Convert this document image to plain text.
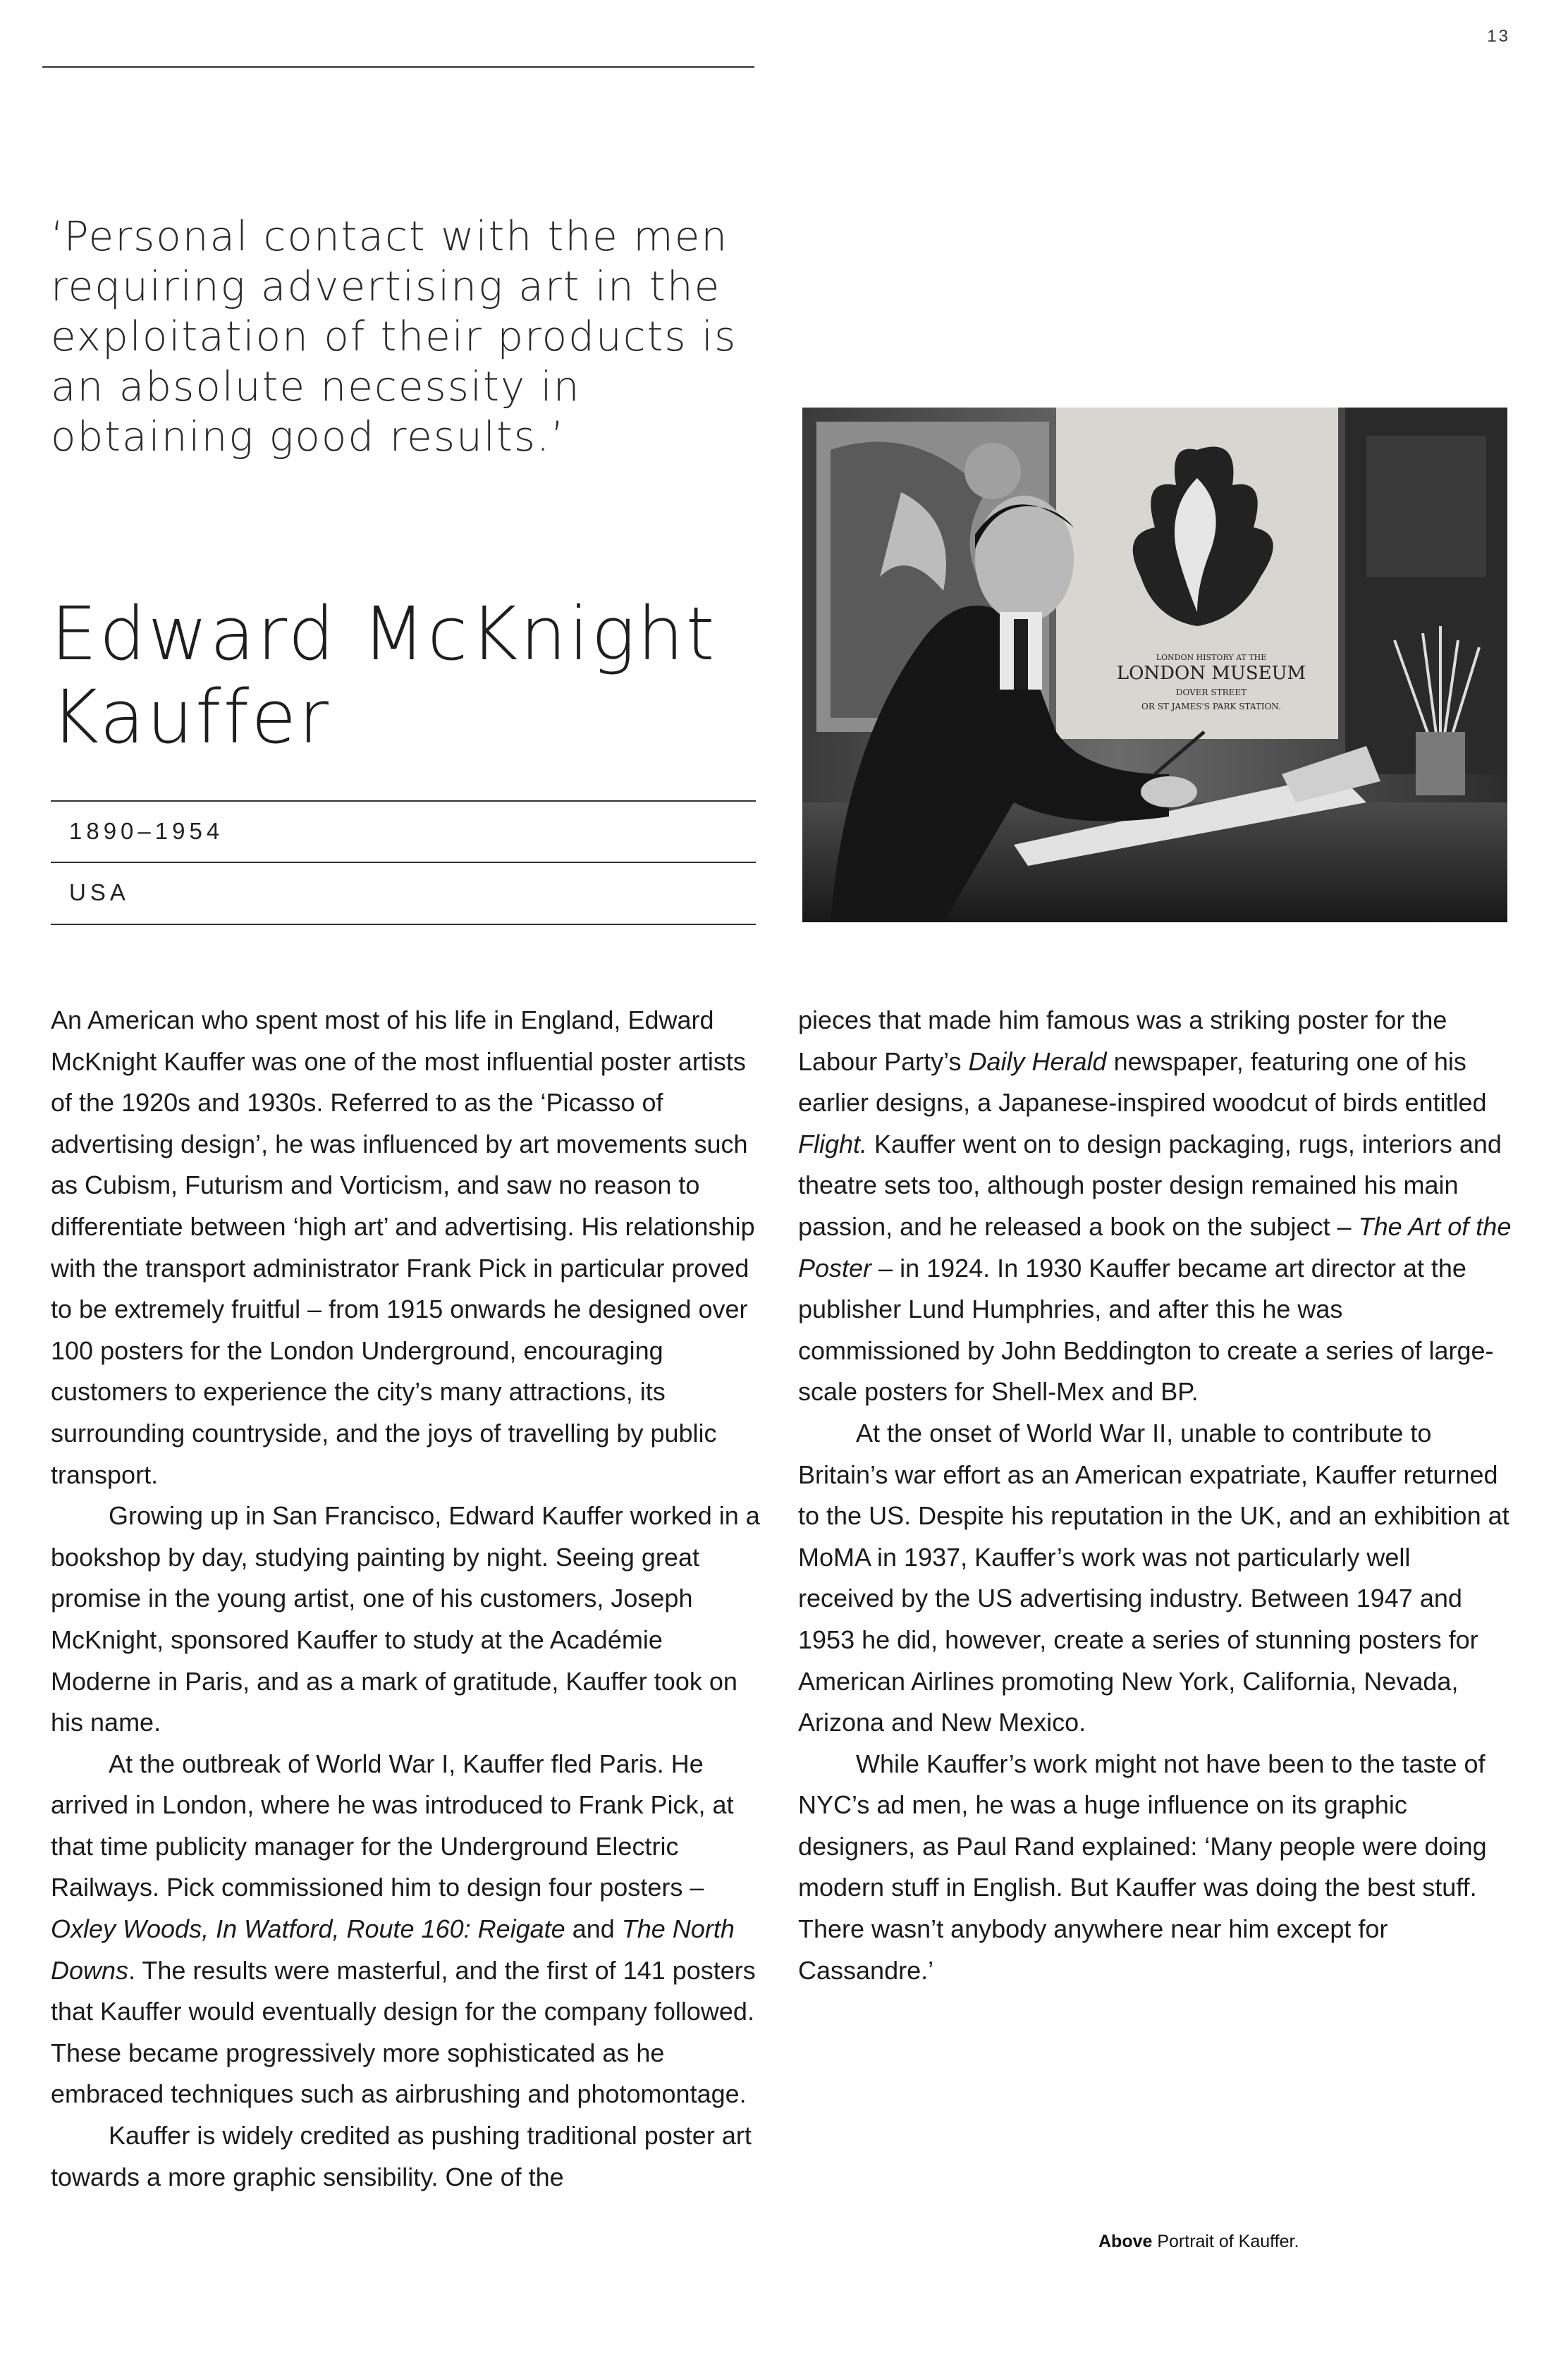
13
‘Personal contact with the men requiring advertising art in the exploitation of their products is an absolute necessity in obtaining good results.’
Edward McKnight
Kauffer
1890–1954
USA
LONDON HISTORY AT THE
LONDON MUSEUM
DOVER STREET
OR ST JAMES'S PARK STATION.

An American who spent most of his life in England, Edward McKnight Kauffer was one of the most influential poster artists of the 1920s and 1930s. Referred to as the ‘Picasso of advertising design’, he was influenced by art movements such as Cubism, Futurism and Vorticism, and saw no reason to differentiate between ‘high art’ and advertising. His relationship with the transport administrator Frank Pick in particular proved to be extremely fruitful – from 1915 onwards he designed over 100 posters for the London Underground, encouraging customers to experience the city’s many attractions, its surrounding countryside, and the joys of travelling by public transport.

Growing up in San Francisco, Edward Kauffer worked in a bookshop by day, studying painting by night. Seeing great promise in the young artist, one of his customers, Joseph McKnight, sponsored Kauffer to study at the Académie Moderne in Paris, and as a mark of gratitude, Kauffer took on his name.

At the outbreak of World War I, Kauffer fled Paris. He arrived in London, where he was introduced to Frank Pick, at that time publicity manager for the Underground Electric Railways. Pick commissioned him to design four posters – Oxley Woods, In Watford, Route 160: Reigate and The North Downs. The results were masterful, and the first of 141 posters that Kauffer would eventually design for the company followed. These became progressively more sophisticated as he embraced techniques such as airbrushing and photomontage.

Kauffer is widely credited as pushing traditional poster art towards a more graphic sensibility. One of the

pieces that made him famous was a striking poster for the Labour Party’s Daily Herald newspaper, featuring one of his earlier designs, a Japanese-inspired woodcut of birds entitled Flight. Kauffer went on to design packaging, rugs, interiors and theatre sets too, although poster design remained his main passion, and he released a book on the subject – The Art of the Poster – in 1924. In 1930 Kauffer became art director at the publisher Lund Humphries, and after this he was commissioned by John Beddington to create a series of large-scale posters for Shell-Mex and BP.

At the onset of World War II, unable to contribute to Britain’s war effort as an American expatriate, Kauffer returned to the US. Despite his reputation in the UK, and an exhibition at MoMA in 1937, Kauffer’s work was not particularly well received by the US advertising industry. Between 1947 and 1953 he did, however, create a series of stunning posters for American Airlines promoting New York, California, Nevada, Arizona and New Mexico.

While Kauffer’s work might not have been to the taste of NYC’s ad men, he was a huge influence on its graphic designers, as Paul Rand explained: ‘Many people were doing modern stuff in English. But Kauffer was doing the best stuff. There wasn’t anybody anywhere near him except for Cassandre.’

Above Portrait of Kauffer.
